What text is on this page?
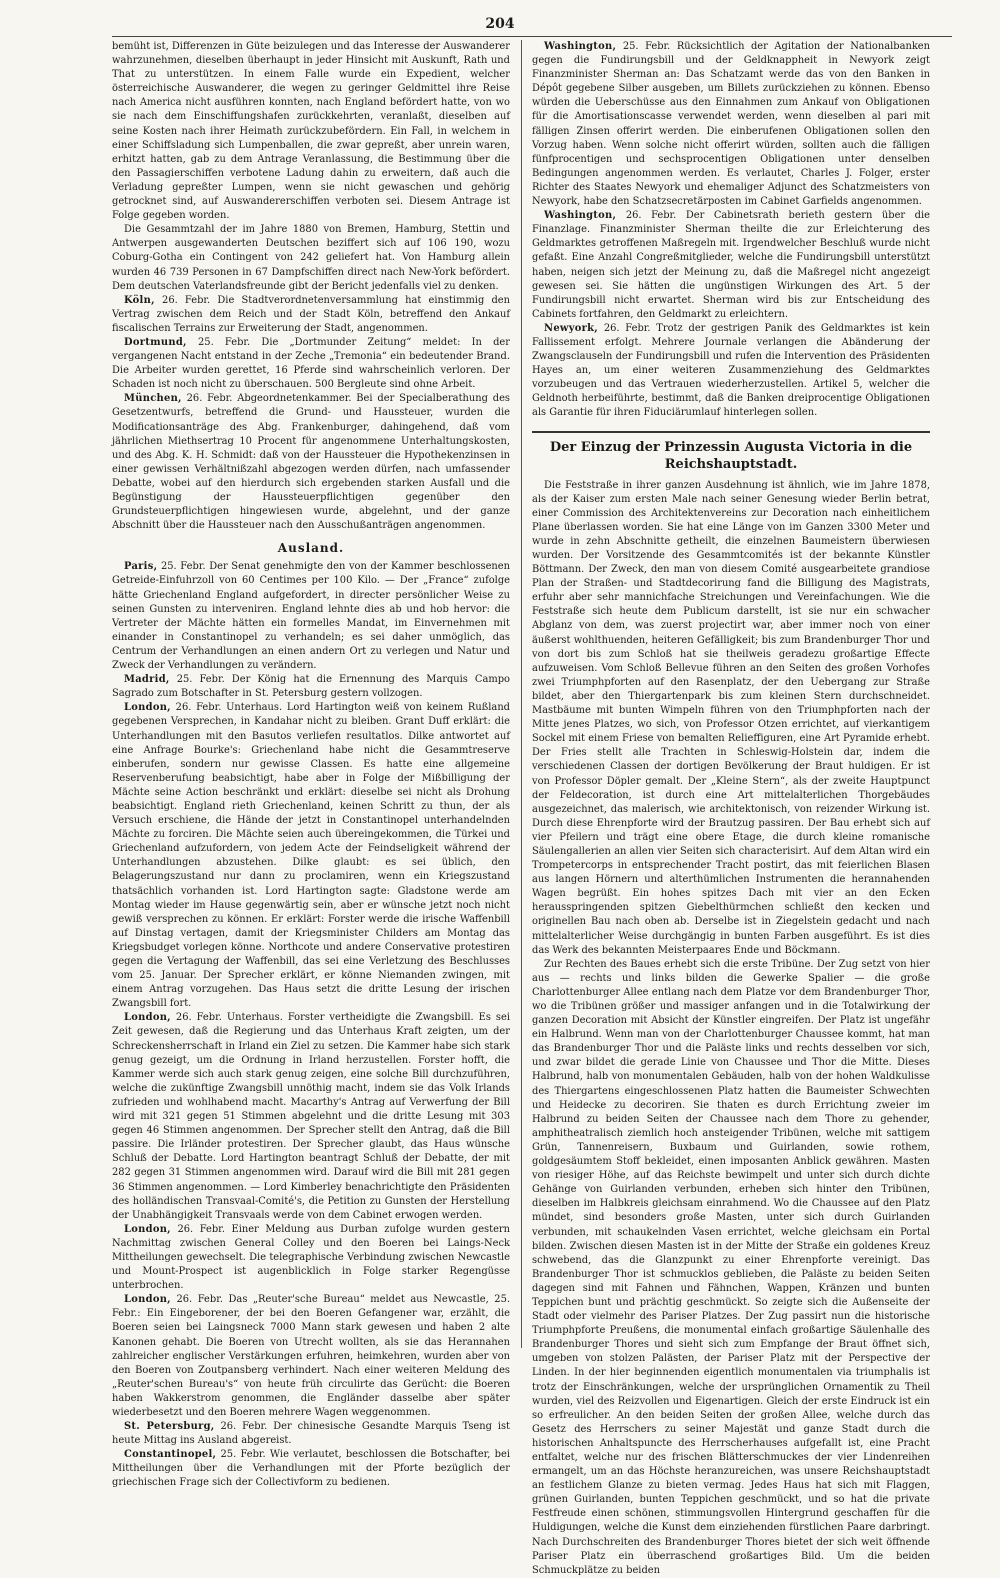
204

bemüht ist, Differenzen in Güte beizulegen und das Interesse der Auswanderer wahrzunehmen, dieselben überhaupt in jeder Hinsicht mit Auskunft, Rath und That zu unterstützen. In einem Falle wurde ein Expedient, welcher österreichische Auswanderer, die wegen zu geringer Geldmittel ihre Reise nach America nicht ausführen konnten, nach England befördert hatte, von wo sie nach dem Einschiffungshafen zurückkehrten, veranlaßt, dieselben auf seine Kosten nach ihrer Heimath zurückzubefördern. Ein Fall, in welchem in einer Schiffsladung sich Lumpenballen, die zwar gepreßt, aber unrein waren, erhitzt hatten, gab zu dem Antrage Veranlassung, die Bestimmung über die den Passagierschiffen verbotene Ladung dahin zu erweitern, daß auch die Verladung gepreßter Lumpen, wenn sie nicht gewaschen und gehörig getrocknet sind, auf Auswandererschiffen verboten sei. Diesem Antrage ist Folge gegeben worden.

Die Gesammtzahl der im Jahre 1880 von Bremen, Hamburg, Stettin und Antwerpen ausgewanderten Deutschen beziffert sich auf 106 190, wozu Coburg-Gotha ein Contingent von 242 geliefert hat. Von Hamburg allein wurden 46 739 Personen in 67 Dampfschiffen direct nach New-York befördert. Dem deutschen Vaterlandsfreunde gibt der Bericht jedenfalls viel zu denken.

Köln, 26. Febr. Die Stadtverordnetenversammlung hat einstimmig den Vertrag zwischen dem Reich und der Stadt Köln, betreffend den Ankauf fiscalischen Terrains zur Erweiterung der Stadt, angenommen.

Dortmund, 25. Febr. Die „Dortmunder Zeitung“ meldet: In der vergangenen Nacht entstand in der Zeche „Tremonia“ ein bedeutender Brand. Die Arbeiter wurden gerettet, 16 Pferde sind wahrscheinlich verloren. Der Schaden ist noch nicht zu überschauen. 500 Bergleute sind ohne Arbeit.

München, 26. Febr. Abgeordnetenkammer. Bei der Specialberathung des Gesetzentwurfs, betreffend die Grund- und Haussteuer, wurden die Modificationsanträge des Abg. Frankenburger, dahingehend, daß vom jährlichen Miethsertrag 10 Procent für angenommene Unterhaltungskosten, und des Abg. K. H. Schmidt: daß von der Haussteuer die Hypothekenzinsen in einer gewissen Verhältnißzahl abgezogen werden dürfen, nach umfassender Debatte, wobei auf den hierdurch sich ergebenden starken Ausfall und die Begünstigung der Haussteuerpflichtigen gegenüber den Grundsteuerpflichtigen hingewiesen wurde, abgelehnt, und der ganze Abschnitt über die Haussteuer nach den Ausschußanträgen angenommen.

Ausland.

Paris, 25. Febr. Der Senat genehmigte den von der Kammer beschlossenen Getreide-Einfuhrzoll von 60 Centimes per 100 Kilo. — Der „France“ zufolge hätte Griechenland England aufgefordert, in directer persönlicher Weise zu seinen Gunsten zu interveniren. England lehnte dies ab und hob hervor: die Vertreter der Mächte hätten ein formelles Mandat, im Einvernehmen mit einander in Constantinopel zu verhandeln; es sei daher unmöglich, das Centrum der Verhandlungen an einen andern Ort zu verlegen und Natur und Zweck der Verhandlungen zu verändern.

Madrid, 25. Febr. Der König hat die Ernennung des Marquis Campo Sagrado zum Botschafter in St. Petersburg gestern vollzogen.

London, 26. Febr. Unterhaus. Lord Hartington weiß von keinem Rußland gegebenen Versprechen, in Kandahar nicht zu bleiben. Grant Duff erklärt: die Unterhandlungen mit den Basutos verliefen resultatlos. Dilke antwortet auf eine Anfrage Bourke's: Griechenland habe nicht die Gesammtreserve einberufen, sondern nur gewisse Classen. Es hatte eine allgemeine Reservenberufung beabsichtigt, habe aber in Folge der Mißbilligung der Mächte seine Action beschränkt und erklärt: dieselbe sei nicht als Drohung beabsichtigt. England rieth Griechenland, keinen Schritt zu thun, der als Versuch erschiene, die Hände der jetzt in Constantinopel unterhandelnden Mächte zu forciren. Die Mächte seien auch übereingekommen, die Türkei und Griechenland aufzufordern, von jedem Acte der Feindseligkeit während der Unterhandlungen abzustehen. Dilke glaubt: es sei üblich, den Belagerungszustand nur dann zu proclamiren, wenn ein Kriegszustand thatsächlich vorhanden ist. Lord Hartington sagte: Gladstone werde am Montag wieder im Hause gegenwärtig sein, aber er wünsche jetzt noch nicht gewiß versprechen zu können. Er erklärt: Forster werde die irische Waffenbill auf Dinstag vertagen, damit der Kriegsminister Childers am Montag das Kriegsbudget vorlegen könne. Northcote und andere Conservative protestiren gegen die Vertagung der Waffenbill, das sei eine Verletzung des Beschlusses vom 25. Januar. Der Sprecher erklärt, er könne Niemanden zwingen, mit einem Antrag vorzugehen. Das Haus setzt die dritte Lesung der irischen Zwangsbill fort.

London, 26. Febr. Unterhaus. Forster vertheidigte die Zwangsbill. Es sei Zeit gewesen, daß die Regierung und das Unterhaus Kraft zeigten, um der Schreckensherrschaft in Irland ein Ziel zu setzen. Die Kammer habe sich stark genug gezeigt, um die Ordnung in Irland herzustellen. Forster hofft, die Kammer werde sich auch stark genug zeigen, eine solche Bill durchzuführen, welche die zukünftige Zwangsbill unnöthig macht, indem sie das Volk Irlands zufrieden und wohlhabend macht. Macarthy's Antrag auf Verwerfung der Bill wird mit 321 gegen 51 Stimmen abgelehnt und die dritte Lesung mit 303 gegen 46 Stimmen angenommen. Der Sprecher stellt den Antrag, daß die Bill passire. Die Irländer protestiren. Der Sprecher glaubt, das Haus wünsche Schluß der Debatte. Lord Hartington beantragt Schluß der Debatte, der mit 282 gegen 31 Stimmen angenommen wird. Darauf wird die Bill mit 281 gegen 36 Stimmen angenommen. — Lord Kimberley benachrichtigte den Präsidenten des holländischen Transvaal-Comité's, die Petition zu Gunsten der Herstellung der Unabhängigkeit Transvaals werde von dem Cabinet erwogen werden.

London, 26. Febr. Einer Meldung aus Durban zufolge wurden gestern Nachmittag zwischen General Colley und den Boeren bei Laings-Neck Mittheilungen gewechselt. Die telegraphische Verbindung zwischen Newcastle und Mount-Prospect ist augenblicklich in Folge starker Regengüsse unterbrochen.

London, 26. Febr. Das „Reuter'sche Bureau“ meldet aus Newcastle, 25. Febr.: Ein Eingeborener, der bei den Boeren Gefangener war, erzählt, die Boeren seien bei Laingsneck 7000 Mann stark gewesen und haben 2 alte Kanonen gehabt. Die Boeren von Utrecht wollten, als sie das Herannahen zahlreicher englischer Verstärkungen erfuhren, heimkehren, wurden aber von den Boeren von Zoutpansberg verhindert. Nach einer weiteren Meldung des „Reuter'schen Bureau's“ von heute früh circulirte das Gerücht: die Boeren haben Wakkerstrom genommen, die Engländer dasselbe aber später wiederbesetzt und den Boeren mehrere Wagen weggenommen.

St. Petersburg, 26. Febr. Der chinesische Gesandte Marquis Tseng ist heute Mittag ins Ausland abgereist.

Constantinopel, 25. Febr. Wie verlautet, beschlossen die Botschafter, bei Mittheilungen über die Verhandlungen mit der Pforte bezüglich der griechischen Frage sich der Collectivform zu bedienen.

Washington, 25. Febr. Rücksichtlich der Agitation der Nationalbanken gegen die Fundirungsbill und der Geldknappheit in Newyork zeigt Finanzminister Sherman an: Das Schatzamt werde das von den Banken in Dépôt gegebene Silber ausgeben, um Billets zurückziehen zu können. Ebenso würden die Ueberschüsse aus den Einnahmen zum Ankauf von Obligationen für die Amortisationscasse verwendet werden, wenn dieselben al pari mit fälligen Zinsen offerirt werden. Die einberufenen Obligationen sollen den Vorzug haben. Wenn solche nicht offerirt würden, sollten auch die fälligen fünfprocentigen und sechsprocentigen Obligationen unter denselben Bedingungen angenommen werden. Es verlautet, Charles J. Folger, erster Richter des Staates Newyork und ehemaliger Adjunct des Schatzmeisters von Newyork, habe den Schatzsecretärposten im Cabinet Garfields angenommen.

Washington, 26. Febr. Der Cabinetsrath berieth gestern über die Finanzlage. Finanzminister Sherman theilte die zur Erleichterung des Geldmarktes getroffenen Maßregeln mit. Irgendwelcher Beschluß wurde nicht gefaßt. Eine Anzahl Congreßmitglieder, welche die Fundirungsbill unterstützt haben, neigen sich jetzt der Meinung zu, daß die Maßregel nicht angezeigt gewesen sei. Sie hätten die ungünstigen Wirkungen des Art. 5 der Fundirungsbill nicht erwartet. Sherman wird bis zur Entscheidung des Cabinets fortfahren, den Geldmarkt zu erleichtern.

Newyork, 26. Febr. Trotz der gestrigen Panik des Geldmarktes ist kein Fallissement erfolgt. Mehrere Journale verlangen die Abänderung der Zwangsclauseln der Fundirungsbill und rufen die Intervention des Präsidenten Hayes an, um einer weiteren Zusammenziehung des Geldmarktes vorzubeugen und das Vertrauen wiederherzustellen. Artikel 5, welcher die Geldnoth herbeiführte, bestimmt, daß die Banken dreiprocentige Obligationen als Garantie für ihren Fiduciärumlauf hinterlegen sollen.

Der Einzug der Prinzessin Augusta Victoria in die Reichshauptstadt.

Die Feststraße in ihrer ganzen Ausdehnung ist ähnlich, wie im Jahre 1878, als der Kaiser zum ersten Male nach seiner Genesung wieder Berlin betrat, einer Commission des Architektenvereins zur Decoration nach einheitlichem Plane überlassen worden. Sie hat eine Länge von im Ganzen 3300 Meter und wurde in zehn Abschnitte getheilt, die einzelnen Baumeistern überwiesen wurden. Der Vorsitzende des Gesammtcomités ist der bekannte Künstler Böttmann. Der Zweck, den man von diesem Comité ausgearbeitete grandiose Plan der Straßen- und Stadtdecorirung fand die Billigung des Magistrats, erfuhr aber sehr mannichfache Streichungen und Vereinfachungen. Wie die Feststraße sich heute dem Publicum darstellt, ist sie nur ein schwacher Abglanz von dem, was zuerst projectirt war, aber immer noch von einer äußerst wohlthuenden, heiteren Gefälligkeit; bis zum Brandenburger Thor und von dort bis zum Schloß hat sie theilweis geradezu großartige Effecte aufzuweisen. Vom Schloß Bellevue führen an den Seiten des großen Vorhofes zwei Triumphpforten auf den Rasenplatz, der den Uebergang zur Straße bildet, aber den Thiergartenpark bis zum kleinen Stern durchschneidet. Mastbäume mit bunten Wimpeln führen von den Triumphpforten nach der Mitte jenes Platzes, wo sich, von Professor Otzen errichtet, auf vierkantigem Sockel mit einem Friese von bemalten Relieffiguren, eine Art Pyramide erhebt. Der Fries stellt alle Trachten in Schleswig-Holstein dar, indem die verschiedenen Classen der dortigen Bevölkerung der Braut huldigen. Er ist von Professor Döpler gemalt. Der „Kleine Stern“, als der zweite Hauptpunct der Feldecoration, ist durch eine Art mittelalterlichen Thorgebäudes ausgezeichnet, das malerisch, wie architektonisch, von reizender Wirkung ist. Durch diese Ehrenpforte wird der Brautzug passiren. Der Bau erhebt sich auf vier Pfeilern und trägt eine obere Etage, die durch kleine romanische Säulengallerien an allen vier Seiten sich characterisirt. Auf dem Altan wird ein Trompetercorps in entsprechender Tracht postirt, das mit feierlichen Blasen aus langen Hörnern und alterthümlichen Instrumenten die herannahenden Wagen begrüßt. Ein hohes spitzes Dach mit vier an den Ecken herausspringenden spitzen Giebelthürmchen schließt den kecken und originellen Bau nach oben ab. Derselbe ist in Ziegelstein gedacht und nach mittelalterlicher Weise durchgängig in bunten Farben ausgeführt. Es ist dies das Werk des bekannten Meisterpaares Ende und Böckmann.

Zur Rechten des Baues erhebt sich die erste Tribüne. Der Zug setzt von hier aus — rechts und links bilden die Gewerke Spalier — die große Charlottenburger Allee entlang nach dem Platze vor dem Brandenburger Thor, wo die Tribünen größer und massiger anfangen und in die Totalwirkung der ganzen Decoration mit Absicht der Künstler eingreifen. Der Platz ist ungefähr ein Halbrund. Wenn man von der Charlottenburger Chaussee kommt, hat man das Brandenburger Thor und die Paläste links und rechts desselben vor sich, und zwar bildet die gerade Linie von Chaussee und Thor die Mitte. Dieses Halbrund, halb von monumentalen Gebäuden, halb von der hohen Waldkulisse des Thiergartens eingeschlossenen Platz hatten die Baumeister Schwechten und Heidecke zu decoriren. Sie thaten es durch Errichtung zweier im Halbrund zu beiden Seiten der Chaussee nach dem Thore zu gehender, amphitheatralisch ziemlich hoch ansteigender Tribünen, welche mit sattigem Grün, Tannenreisern, Buxbaum und Guirlanden, sowie rothem, goldgesäumtem Stoff bekleidet, einen imposanten Anblick gewähren. Masten von riesiger Höhe, auf das Reichste bewimpelt und unter sich durch dichte Gehänge von Guirlanden verbunden, erheben sich hinter den Tribünen, dieselben im Halbkreis gleichsam einrahmend. Wo die Chaussee auf den Platz mündet, sind besonders große Masten, unter sich durch Guirlanden verbunden, mit schaukelnden Vasen errichtet, welche gleichsam ein Portal bilden. Zwischen diesen Masten ist in der Mitte der Straße ein goldenes Kreuz schwebend, das die Glanzpunkt zu einer Ehrenpforte vereinigt. Das Brandenburger Thor ist schmucklos geblieben, die Paläste zu beiden Seiten dagegen sind mit Fahnen und Fähnchen, Wappen, Kränzen und bunten Teppichen bunt und prächtig geschmückt. So zeigte sich die Außenseite der Stadt oder vielmehr des Pariser Platzes. Der Zug passirt nun die historische Triumphpforte Preußens, die monumental einfach großartige Säulenhalle des Brandenburger Thores und sieht sich zum Empfange der Braut öffnet sich, umgeben von stolzen Palästen, der Pariser Platz mit der Perspective der Linden. In der hier beginnenden eigentlich monumentalen via triumphalis ist trotz der Einschränkungen, welche der ursprünglichen Ornamentik zu Theil wurden, viel des Reizvollen und Eigenartigen. Gleich der erste Eindruck ist ein so erfreulicher. An den beiden Seiten der großen Allee, welche durch das Gesetz des Herrschers zu seiner Majestät und ganze Stadt durch die historischen Anhaltspuncte des Herrscherhauses aufgefallt ist, eine Pracht entfaltet, welche nur des frischen Blätterschmuckes der vier Lindenreihen ermangelt, um an das Höchste heranzureichen, was unsere Reichshauptstadt an festlichem Glanze zu bieten vermag. Jedes Haus hat sich mit Flaggen, grünen Guirlanden, bunten Teppichen geschmückt, und so hat die private Festfreude einen schönen, stimmungsvollen Hintergrund geschaffen für die Huldigungen, welche die Kunst dem einziehenden fürstlichen Paare darbringt. Nach Durchschreiten des Brandenburger Thores bietet der sich weit öffnende Pariser Platz ein überraschend großartiges Bild. Um die beiden Schmuckplätze zu beiden
